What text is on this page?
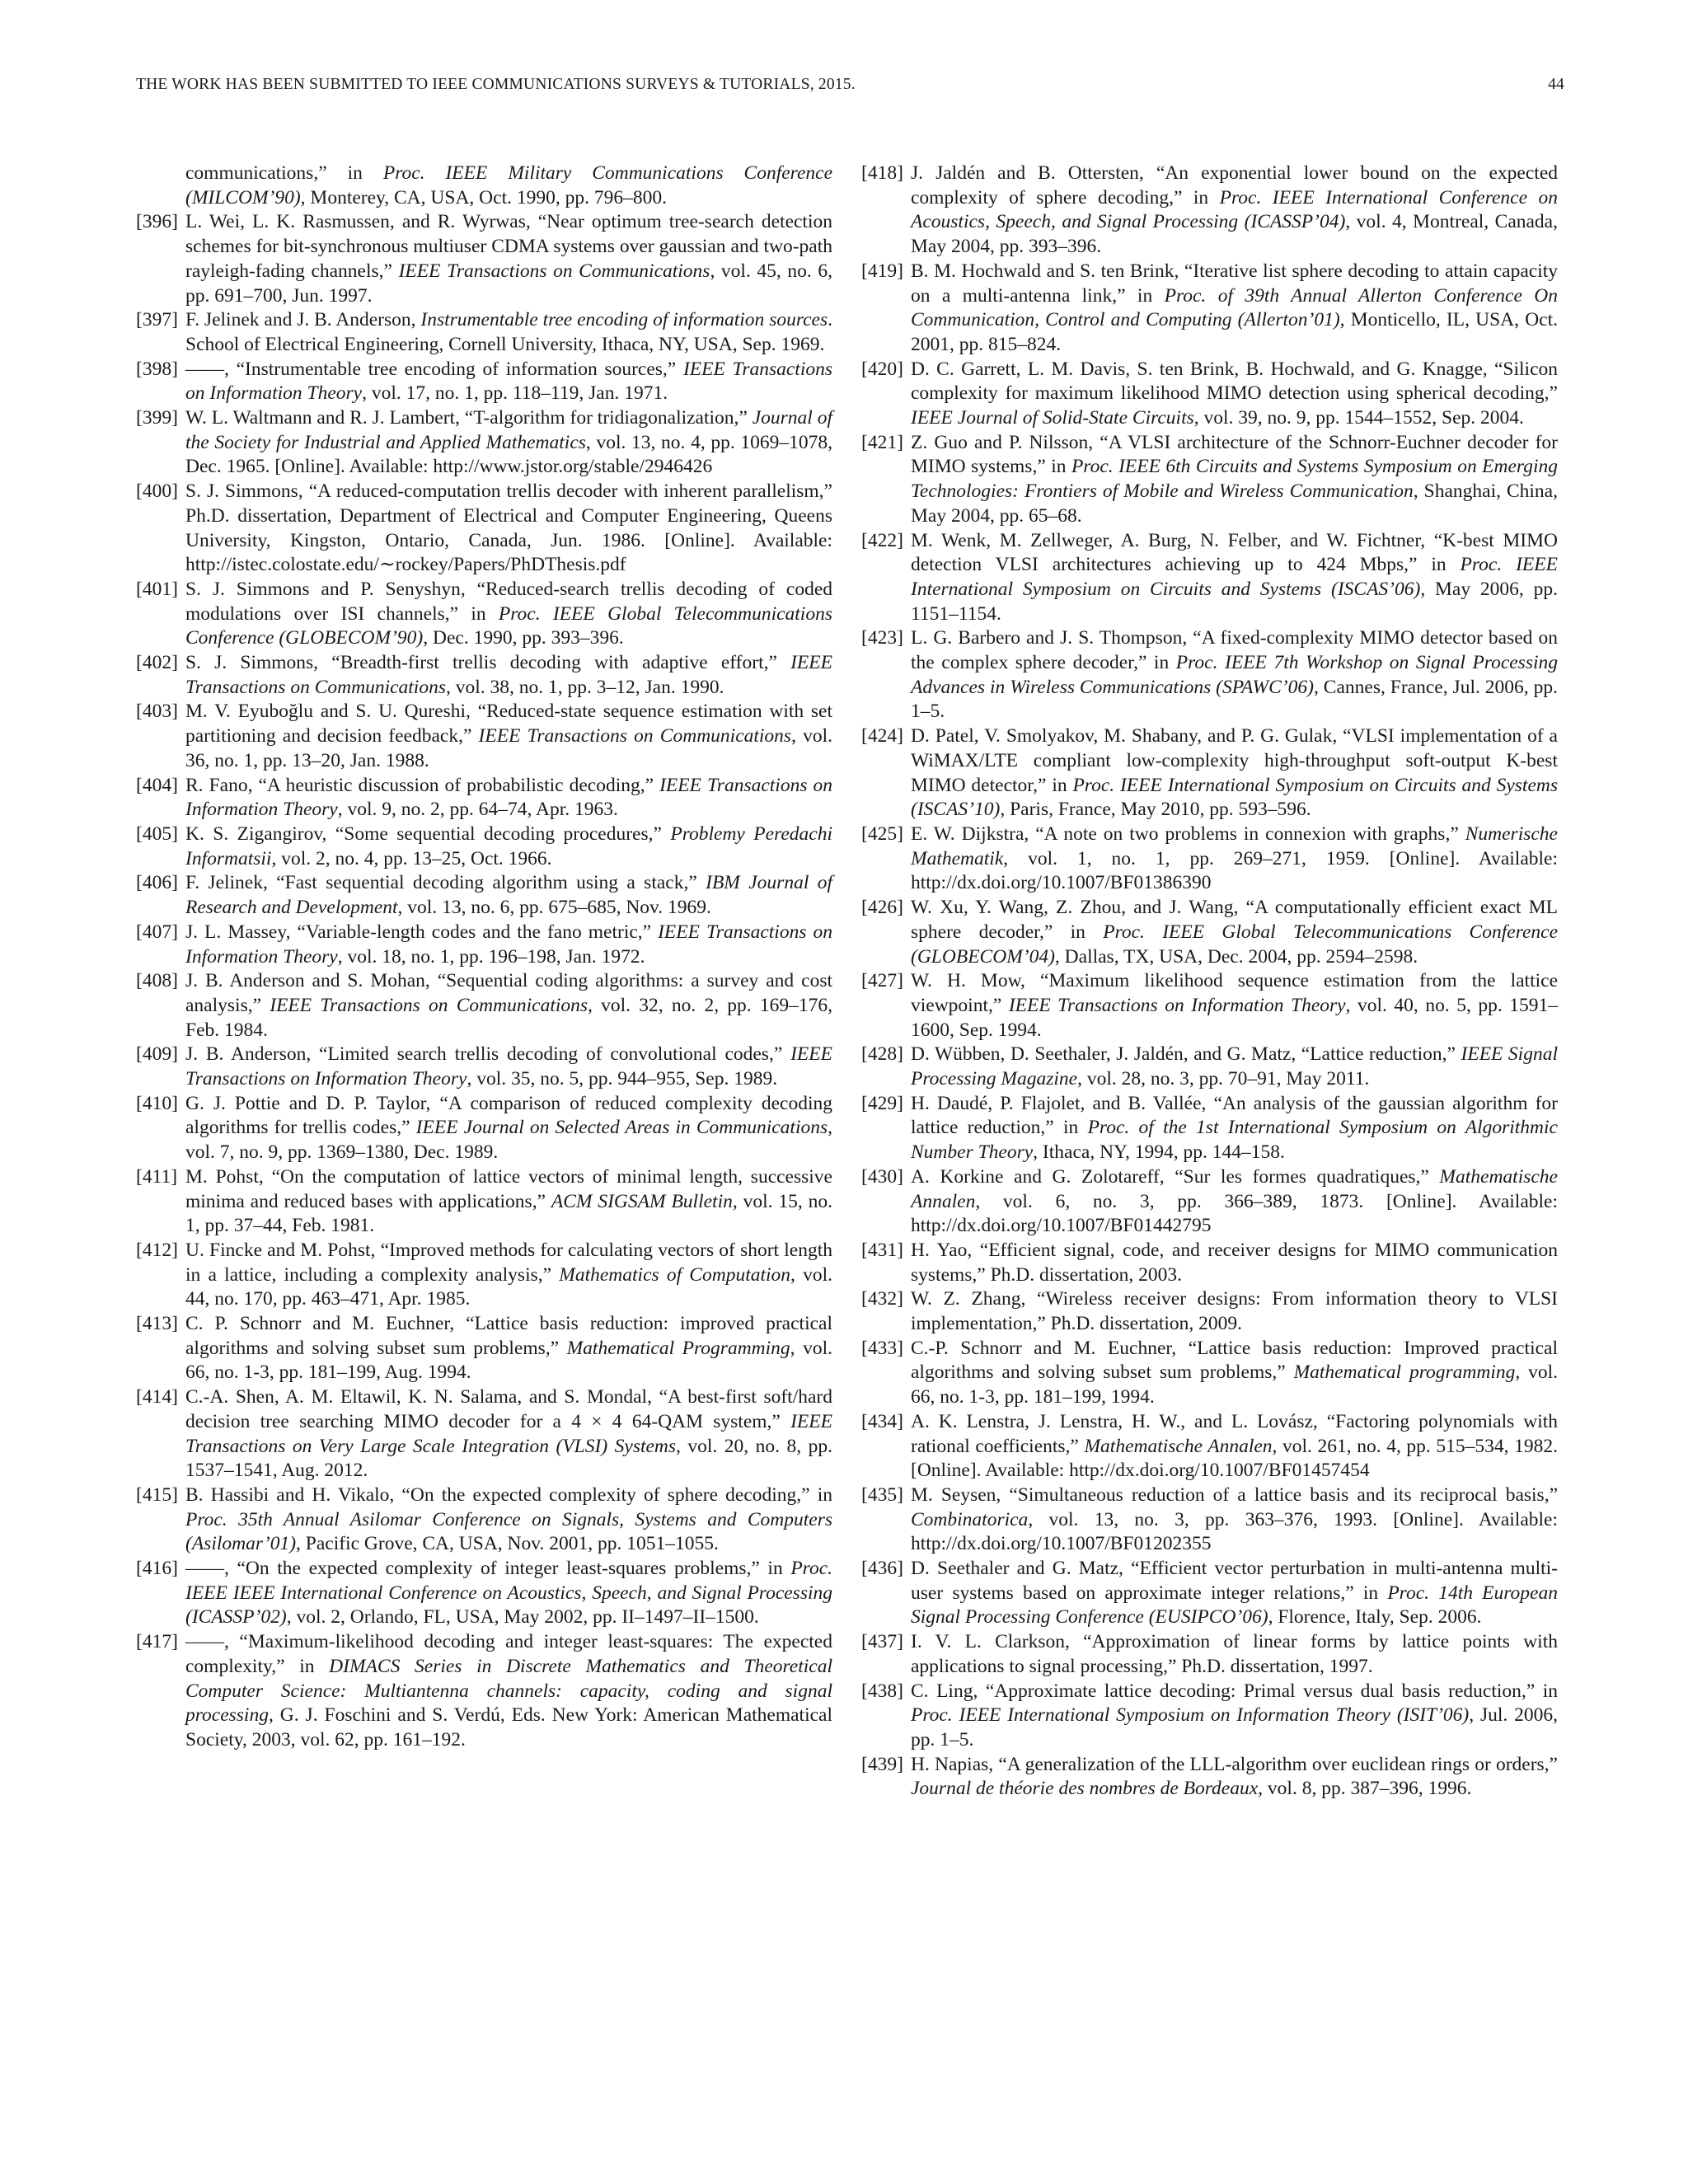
THE WORK HAS BEEN SUBMITTED TO IEEE COMMUNICATIONS SURVEYS & TUTORIALS, 2015.	44
communications,” in Proc. IEEE Military Communications Conference (MILCOM’90), Monterey, CA, USA, Oct. 1990, pp. 796–800.
[396] L. Wei, L. K. Rasmussen, and R. Wyrwas, “Near optimum tree-search detection schemes for bit-synchronous multiuser CDMA systems over gaussian and two-path rayleigh-fading channels,” IEEE Transactions on Communications, vol. 45, no. 6, pp. 691–700, Jun. 1997.
[397] F. Jelinek and J. B. Anderson, Instrumentable tree encoding of information sources. School of Electrical Engineering, Cornell University, Ithaca, NY, USA, Sep. 1969.
[398] ——, “Instrumentable tree encoding of information sources,” IEEE Transactions on Information Theory, vol. 17, no. 1, pp. 118–119, Jan. 1971.
[399] W. L. Waltmann and R. J. Lambert, “T-algorithm for tridiagonalization,” Journal of the Society for Industrial and Applied Mathematics, vol. 13, no. 4, pp. 1069–1078, Dec. 1965. [Online]. Available: http://www.jstor.org/stable/2946426
[400] S. J. Simmons, “A reduced-computation trellis decoder with inherent parallelism,” Ph.D. dissertation, Department of Electrical and Computer Engineering, Queens University, Kingston, Ontario, Canada, Jun. 1986. [Online]. Available: http://istec.colostate.edu/∼rockey/Papers/PhDThesis.pdf
[401] S. J. Simmons and P. Senyshyn, “Reduced-search trellis decoding of coded modulations over ISI channels,” in Proc. IEEE Global Telecommunications Conference (GLOBECOM’90), Dec. 1990, pp. 393–396.
[402] S. J. Simmons, “Breadth-first trellis decoding with adaptive effort,” IEEE Transactions on Communications, vol. 38, no. 1, pp. 3–12, Jan. 1990.
[403] M. V. Eyuboğlu and S. U. Qureshi, “Reduced-state sequence estimation with set partitioning and decision feedback,” IEEE Transactions on Communications, vol. 36, no. 1, pp. 13–20, Jan. 1988.
[404] R. Fano, “A heuristic discussion of probabilistic decoding,” IEEE Transactions on Information Theory, vol. 9, no. 2, pp. 64–74, Apr. 1963.
[405] K. S. Zigangirov, “Some sequential decoding procedures,” Problemy Peredachi Informatsii, vol. 2, no. 4, pp. 13–25, Oct. 1966.
[406] F. Jelinek, “Fast sequential decoding algorithm using a stack,” IBM Journal of Research and Development, vol. 13, no. 6, pp. 675–685, Nov. 1969.
[407] J. L. Massey, “Variable-length codes and the fano metric,” IEEE Transactions on Information Theory, vol. 18, no. 1, pp. 196–198, Jan. 1972.
[408] J. B. Anderson and S. Mohan, “Sequential coding algorithms: a survey and cost analysis,” IEEE Transactions on Communications, vol. 32, no. 2, pp. 169–176, Feb. 1984.
[409] J. B. Anderson, “Limited search trellis decoding of convolutional codes,” IEEE Transactions on Information Theory, vol. 35, no. 5, pp. 944–955, Sep. 1989.
[410] G. J. Pottie and D. P. Taylor, “A comparison of reduced complexity decoding algorithms for trellis codes,” IEEE Journal on Selected Areas in Communications, vol. 7, no. 9, pp. 1369–1380, Dec. 1989.
[411] M. Pohst, “On the computation of lattice vectors of minimal length, successive minima and reduced bases with applications,” ACM SIGSAM Bulletin, vol. 15, no. 1, pp. 37–44, Feb. 1981.
[412] U. Fincke and M. Pohst, “Improved methods for calculating vectors of short length in a lattice, including a complexity analysis,” Mathematics of Computation, vol. 44, no. 170, pp. 463–471, Apr. 1985.
[413] C. P. Schnorr and M. Euchner, “Lattice basis reduction: improved practical algorithms and solving subset sum problems,” Mathematical Programming, vol. 66, no. 1-3, pp. 181–199, Aug. 1994.
[414] C.-A. Shen, A. M. Eltawil, K. N. Salama, and S. Mondal, “A best-first soft/hard decision tree searching MIMO decoder for a 4 × 4 64-QAM system,” IEEE Transactions on Very Large Scale Integration (VLSI) Systems, vol. 20, no. 8, pp. 1537–1541, Aug. 2012.
[415] B. Hassibi and H. Vikalo, “On the expected complexity of sphere decoding,” in Proc. 35th Annual Asilomar Conference on Signals, Systems and Computers (Asilomar’01), Pacific Grove, CA, USA, Nov. 2001, pp. 1051–1055.
[416] ——, “On the expected complexity of integer least-squares problems,” in Proc. IEEE IEEE International Conference on Acoustics, Speech, and Signal Processing (ICASSP’02), vol. 2, Orlando, FL, USA, May 2002, pp. II–1497–II–1500.
[417] ——, “Maximum-likelihood decoding and integer least-squares: The expected complexity,” in DIMACS Series in Discrete Mathematics and Theoretical Computer Science: Multiantenna channels: capacity, coding and signal processing, G. J. Foschini and S. Verdú, Eds. New York: American Mathematical Society, 2003, vol. 62, pp. 161–192.
[418] J. Jaldén and B. Ottersten, “An exponential lower bound on the expected complexity of sphere decoding,” in Proc. IEEE International Conference on Acoustics, Speech, and Signal Processing (ICASSP’04), vol. 4, Montreal, Canada, May 2004, pp. 393–396.
[419] B. M. Hochwald and S. ten Brink, “Iterative list sphere decoding to attain capacity on a multi-antenna link,” in Proc. of 39th Annual Allerton Conference On Communication, Control and Computing (Allerton’01), Monticello, IL, USA, Oct. 2001, pp. 815–824.
[420] D. C. Garrett, L. M. Davis, S. ten Brink, B. Hochwald, and G. Knagge, “Silicon complexity for maximum likelihood MIMO detection using spherical decoding,” IEEE Journal of Solid-State Circuits, vol. 39, no. 9, pp. 1544–1552, Sep. 2004.
[421] Z. Guo and P. Nilsson, “A VLSI architecture of the Schnorr-Euchner decoder for MIMO systems,” in Proc. IEEE 6th Circuits and Systems Symposium on Emerging Technologies: Frontiers of Mobile and Wireless Communication, Shanghai, China, May 2004, pp. 65–68.
[422] M. Wenk, M. Zellweger, A. Burg, N. Felber, and W. Fichtner, “K-best MIMO detection VLSI architectures achieving up to 424 Mbps,” in Proc. IEEE International Symposium on Circuits and Systems (ISCAS’06), May 2006, pp. 1151–1154.
[423] L. G. Barbero and J. S. Thompson, “A fixed-complexity MIMO detector based on the complex sphere decoder,” in Proc. IEEE 7th Workshop on Signal Processing Advances in Wireless Communications (SPAWC’06), Cannes, France, Jul. 2006, pp. 1–5.
[424] D. Patel, V. Smolyakov, M. Shabany, and P. G. Gulak, “VLSI implementation of a WiMAX/LTE compliant low-complexity high-throughput soft-output K-best MIMO detector,” in Proc. IEEE International Symposium on Circuits and Systems (ISCAS’10), Paris, France, May 2010, pp. 593–596.
[425] E. W. Dijkstra, “A note on two problems in connexion with graphs,” Numerische Mathematik, vol. 1, no. 1, pp. 269–271, 1959. [Online]. Available: http://dx.doi.org/10.1007/BF01386390
[426] W. Xu, Y. Wang, Z. Zhou, and J. Wang, “A computationally efficient exact ML sphere decoder,” in Proc. IEEE Global Telecommunications Conference (GLOBECOM’04), Dallas, TX, USA, Dec. 2004, pp. 2594–2598.
[427] W. H. Mow, “Maximum likelihood sequence estimation from the lattice viewpoint,” IEEE Transactions on Information Theory, vol. 40, no. 5, pp. 1591–1600, Sep. 1994.
[428] D. Wübben, D. Seethaler, J. Jaldén, and G. Matz, “Lattice reduction,” IEEE Signal Processing Magazine, vol. 28, no. 3, pp. 70–91, May 2011.
[429] H. Daudé, P. Flajolet, and B. Vallée, “An analysis of the gaussian algorithm for lattice reduction,” in Proc. of the 1st International Symposium on Algorithmic Number Theory, Ithaca, NY, 1994, pp. 144–158.
[430] A. Korkine and G. Zolotareff, “Sur les formes quadratiques,” Mathematische Annalen, vol. 6, no. 3, pp. 366–389, 1873. [Online]. Available: http://dx.doi.org/10.1007/BF01442795
[431] H. Yao, “Efficient signal, code, and receiver designs for MIMO communication systems,” Ph.D. dissertation, 2003.
[432] W. Z. Zhang, “Wireless receiver designs: From information theory to VLSI implementation,” Ph.D. dissertation, 2009.
[433] C.-P. Schnorr and M. Euchner, “Lattice basis reduction: Improved practical algorithms and solving subset sum problems,” Mathematical programming, vol. 66, no. 1-3, pp. 181–199, 1994.
[434] A. K. Lenstra, J. Lenstra, H. W., and L. Lovász, “Factoring polynomials with rational coefficients,” Mathematische Annalen, vol. 261, no. 4, pp. 515–534, 1982. [Online]. Available: http://dx.doi.org/10.1007/BF01457454
[435] M. Seysen, “Simultaneous reduction of a lattice basis and its reciprocal basis,” Combinatorica, vol. 13, no. 3, pp. 363–376, 1993. [Online]. Available: http://dx.doi.org/10.1007/BF01202355
[436] D. Seethaler and G. Matz, “Efficient vector perturbation in multi-antenna multi-user systems based on approximate integer relations,” in Proc. 14th European Signal Processing Conference (EUSIPCO’06), Florence, Italy, Sep. 2006.
[437] I. V. L. Clarkson, “Approximation of linear forms by lattice points with applications to signal processing,” Ph.D. dissertation, 1997.
[438] C. Ling, “Approximate lattice decoding: Primal versus dual basis reduction,” in Proc. IEEE International Symposium on Information Theory (ISIT’06), Jul. 2006, pp. 1–5.
[439] H. Napias, “A generalization of the LLL-algorithm over euclidean rings or orders,” Journal de théorie des nombres de Bordeaux, vol. 8, pp. 387–396, 1996.
